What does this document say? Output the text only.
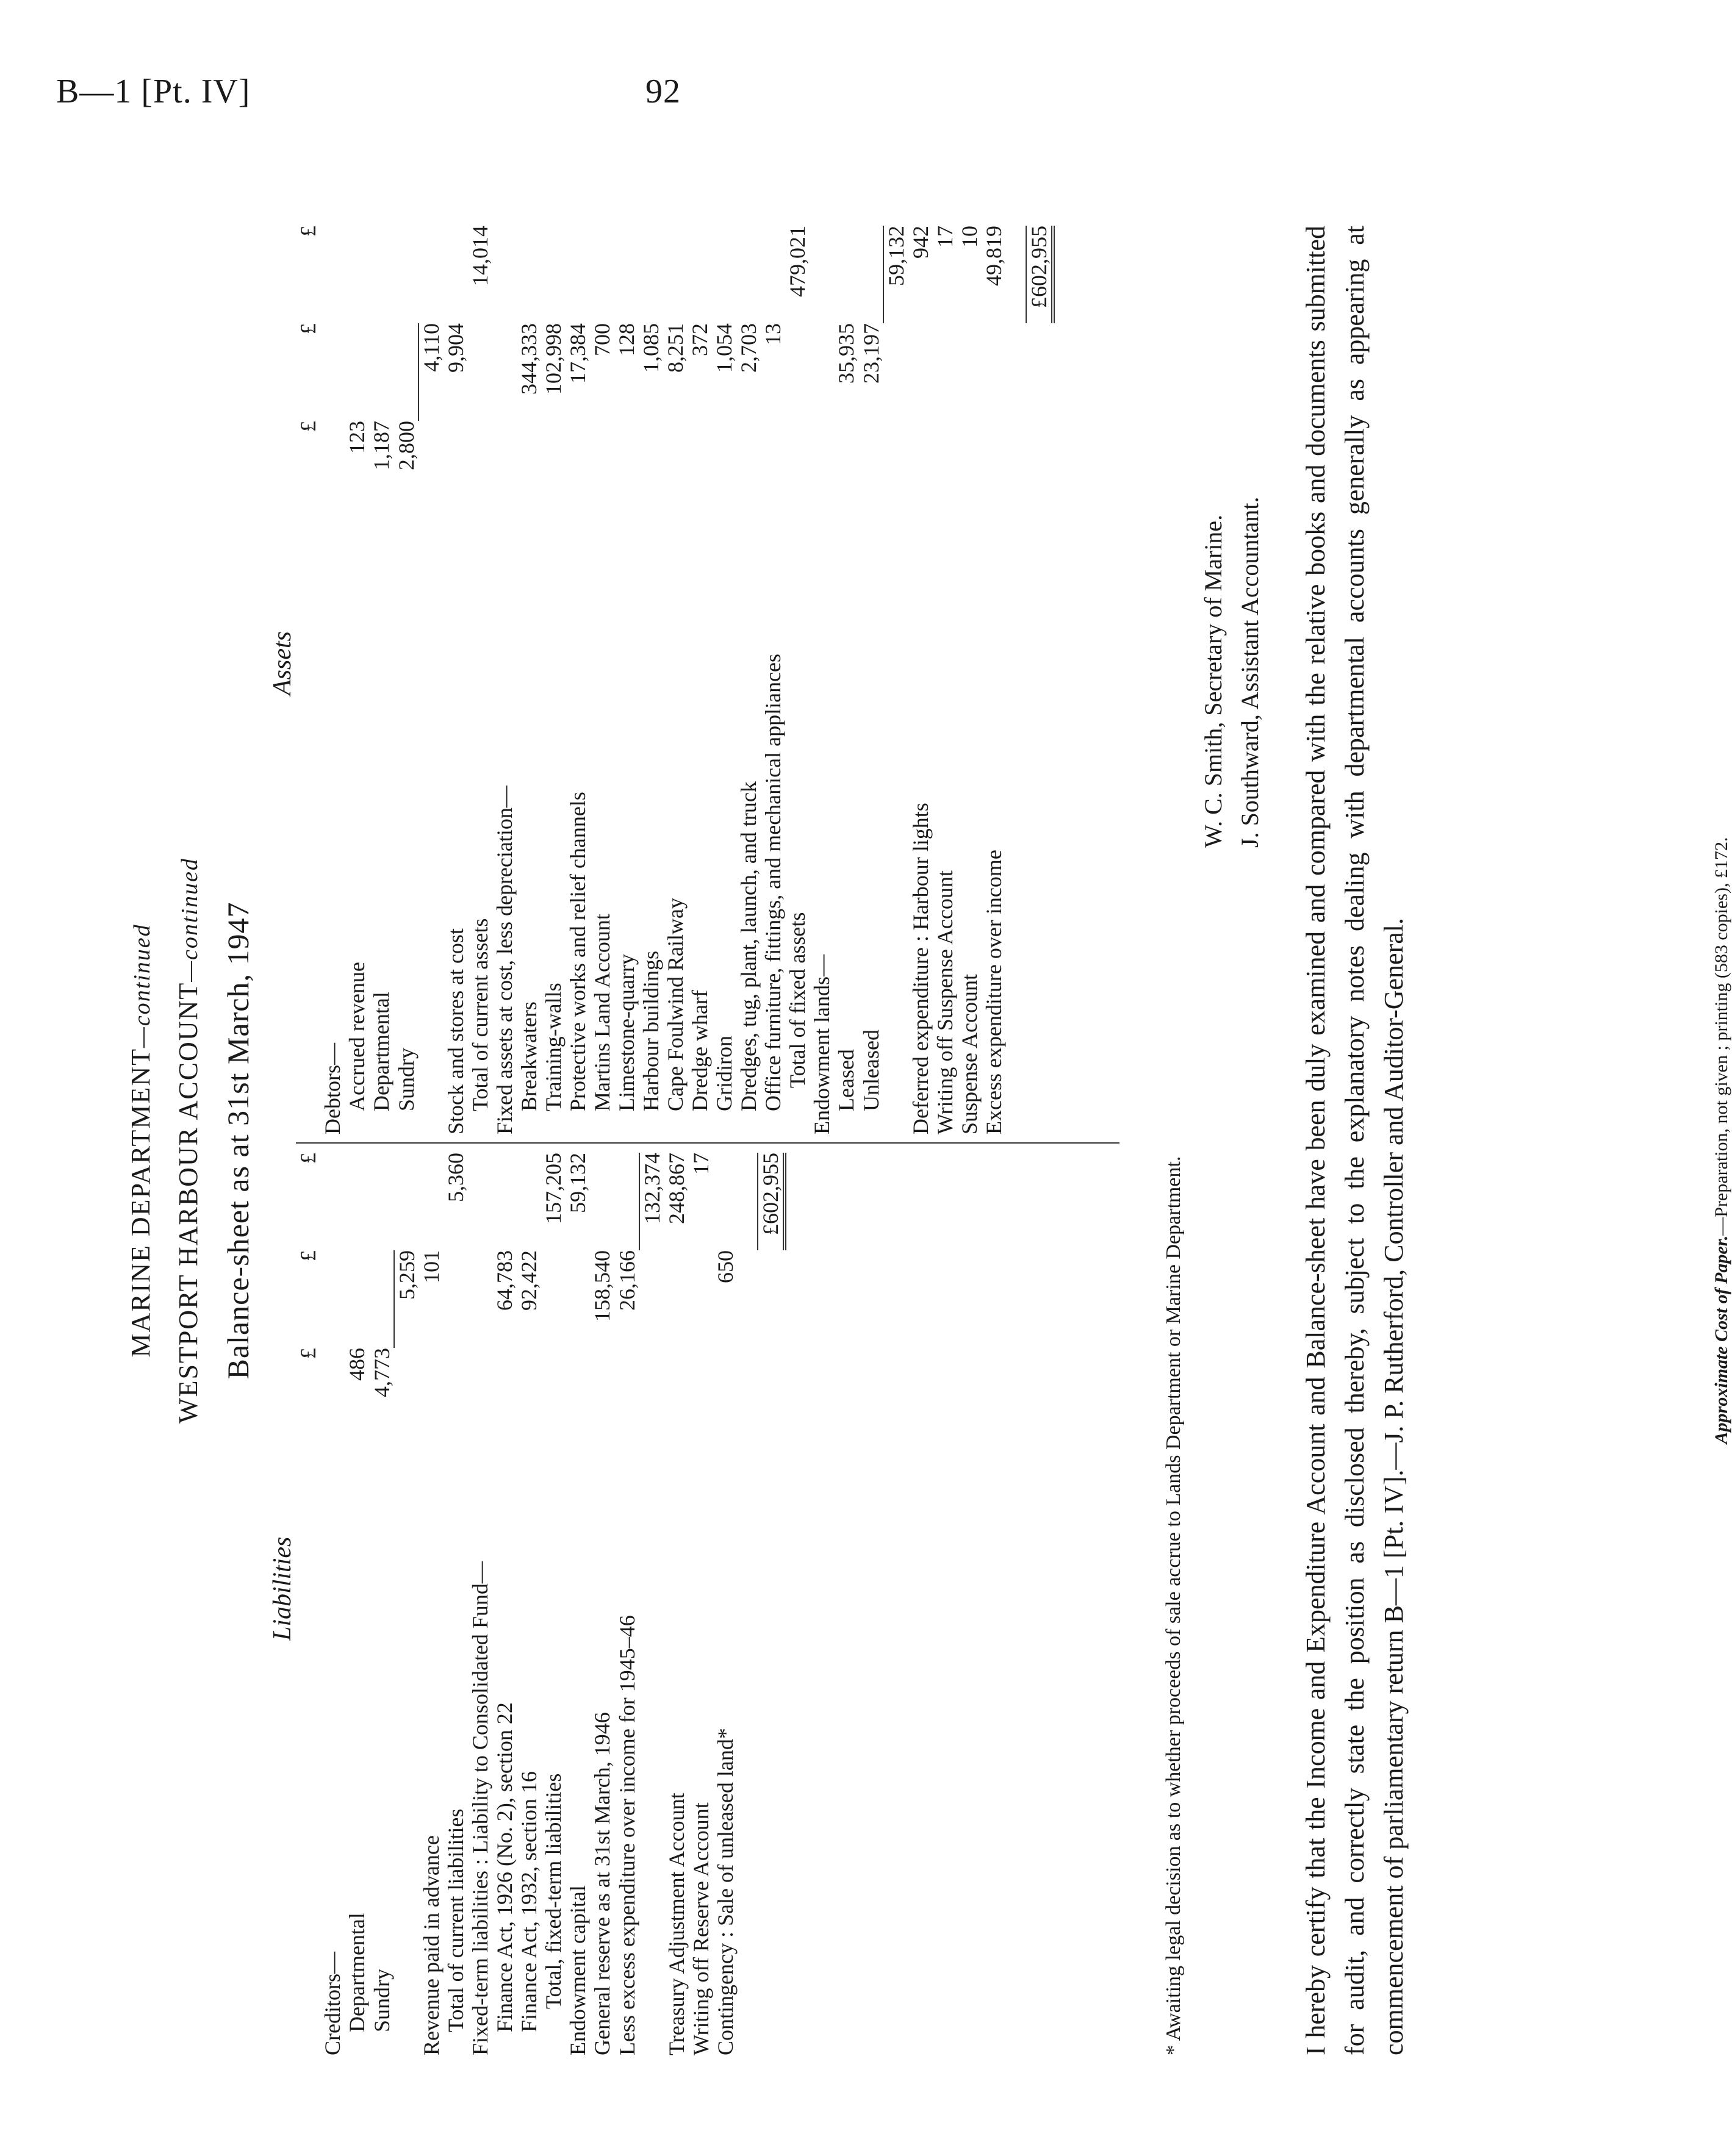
B—1 [Pt. IV]	92
MARINE DEPARTMENT—continued WESTPORT HARBOUR ACCOUNT—continued Balance-sheet as at 31st March, 1947
Liabilities
Assets
	£	£	£
Creditors—			
Departmental	486		
Sundry	4,773		
		5,259	
Revenue paid in advance		101	
Total of current liabilities			5,360
Fixed-term liabilities : Liability to Consolidated Fund—			
Finance Act, 1926 (No. 2), section 22		64,783	
Finance Act, 1932, section 16		92,422	
Total, fixed-term liabilities			157,205
Endowment capital			59,132
General reserve as at 31st March, 1946		158,540	
Less excess expenditure over income for 1945–46		26,166	
			132,374
Treasury Adjustment Account			248,867
Writing off Reserve Account			17
Contingency : Sale of unleased land*		650	

			£602,955
	£	£	£
Debtors—			
Accrued revenue	123		
Departmental	1,187		
Sundry	2,800		
		4,110	
Stock and stores at cost		9,904	
Total of current assets			14,014
Fixed assets at cost, less depreciation—			
Breakwaters		344,333	
Training-walls		102,998	
Protective works and relief channels		17,384	
Martins Land Account		700	
Limestone-quarry		128	
Harbour buildings		1,085	
Cape Foulwind Railway		8,251	
Dredge wharf		372	
Gridiron		1,054	
Dredges, tug, plant, launch, and truck		2,703	
Office furniture, fittings, and mechanical appliances		13	
Total of fixed assets			479,021
Endowment lands—			
Leased		35,935	
Unleased		23,197	
			59,132
Deferred expenditure : Harbour lights			942
Writing off Suspense Account			17
Suspense Account			10
Excess expenditure over income			49,819

			£602,955
* Awaiting legal decision as to whether proceeds of sale accrue to Lands Department or Marine Department.
W. C. Smith, Secretary of Marine. J. Southward, Assistant Accountant. I hereby certify that the Income and Expenditure Account and Balance-sheet have been duly examined and compared with the relative books and documents submitted for audit, and correctly state the position as disclosed thereby, subject to the explanatory notes dealing with departmental accounts generally as appearing at commencement of parliamentary return B—1 [Pt. IV].—J. P. Rutherford, Controller and Auditor-General.	Approximate Cost of Paper.—Preparation, not given ; printing (583 copies), £172.
